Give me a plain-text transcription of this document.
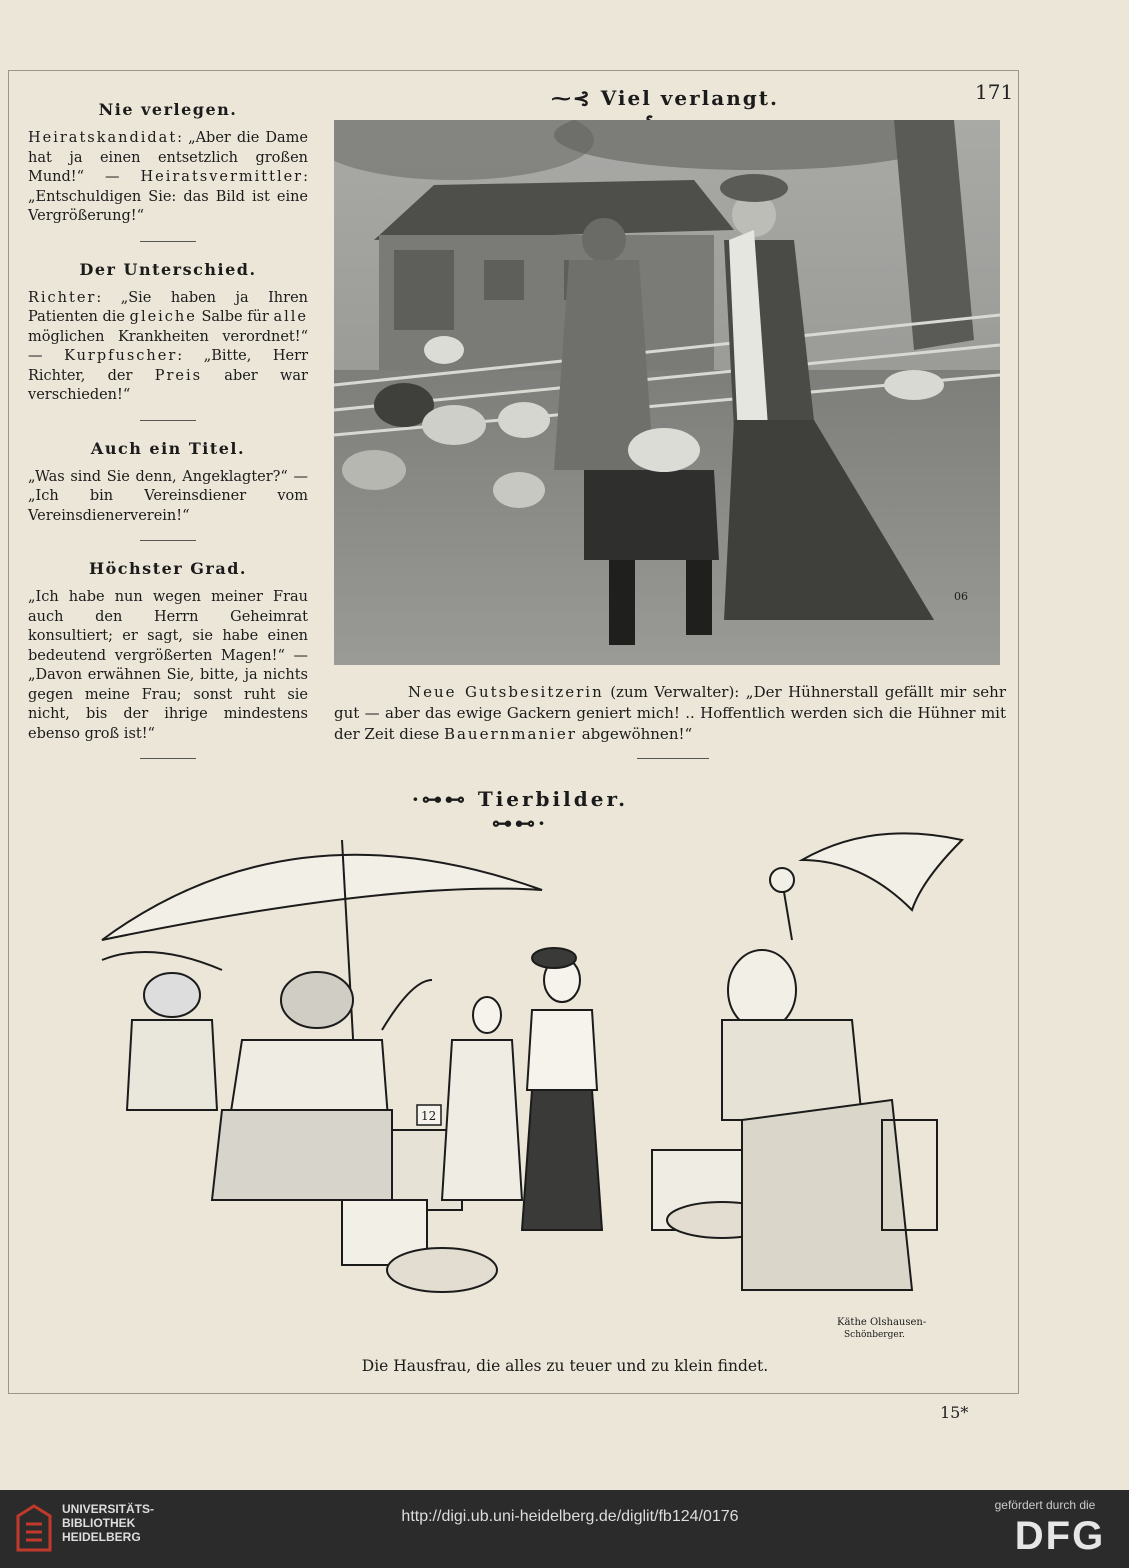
171
Nie verlegen.

Heiratskandidat: „Aber die Dame hat ja einen entsetzlich großen Mund!“ — Heiratsvermittler: „Entschuldigen Sie: das Bild ist eine Vergrößerung!“

Der Unterschied.

Richter: „Sie haben ja Ihren Patienten die gleiche Salbe für alle möglichen Krankheiten verordnet!“ — Kurpfuscher: „Bitte, Herr Richter, der Preis aber war verschieden!“

Auch ein Titel.

„Was sind Sie denn, Angeklagter?“ — „Ich bin Vereinsdiener vom Vereinsdienerverein!“

Höchster Grad.

„Ich habe nun wegen meiner Frau auch den Herrn Geheimrat konsultiert; er sagt, sie habe einen bedeutend vergrößerten Magen!“ — „Davon erwähnen Sie, bitte, ja nichts gegen meine Frau; sonst ruht sie nicht, bis der ihrige mindestens ebenso groß ist!“

⁓⊰ Viel verlangt.
06

Neue Gutsbesitzerin (zum Verwalter): „Der Hühnerstall gefällt mir sehr gut — aber das ewige Gackern geniert mich! .. Hoffentlich werden sich die Hühner mit der Zeit diese Bauernmanier abgewöhnen!“

·⊶⊷ Tierbilder. ⊶⊷·
12
Käthe Olshausen-
Schönberger.
Die Hausfrau, die alles zu teuer und zu klein findet.
15*
UNIVERSITÄTS-
BIBLIOTHEK
HEIDELBERG
http://digi.ub.uni-heidelberg.de/diglit/fb124/0176
gefördert durch die
DFG
